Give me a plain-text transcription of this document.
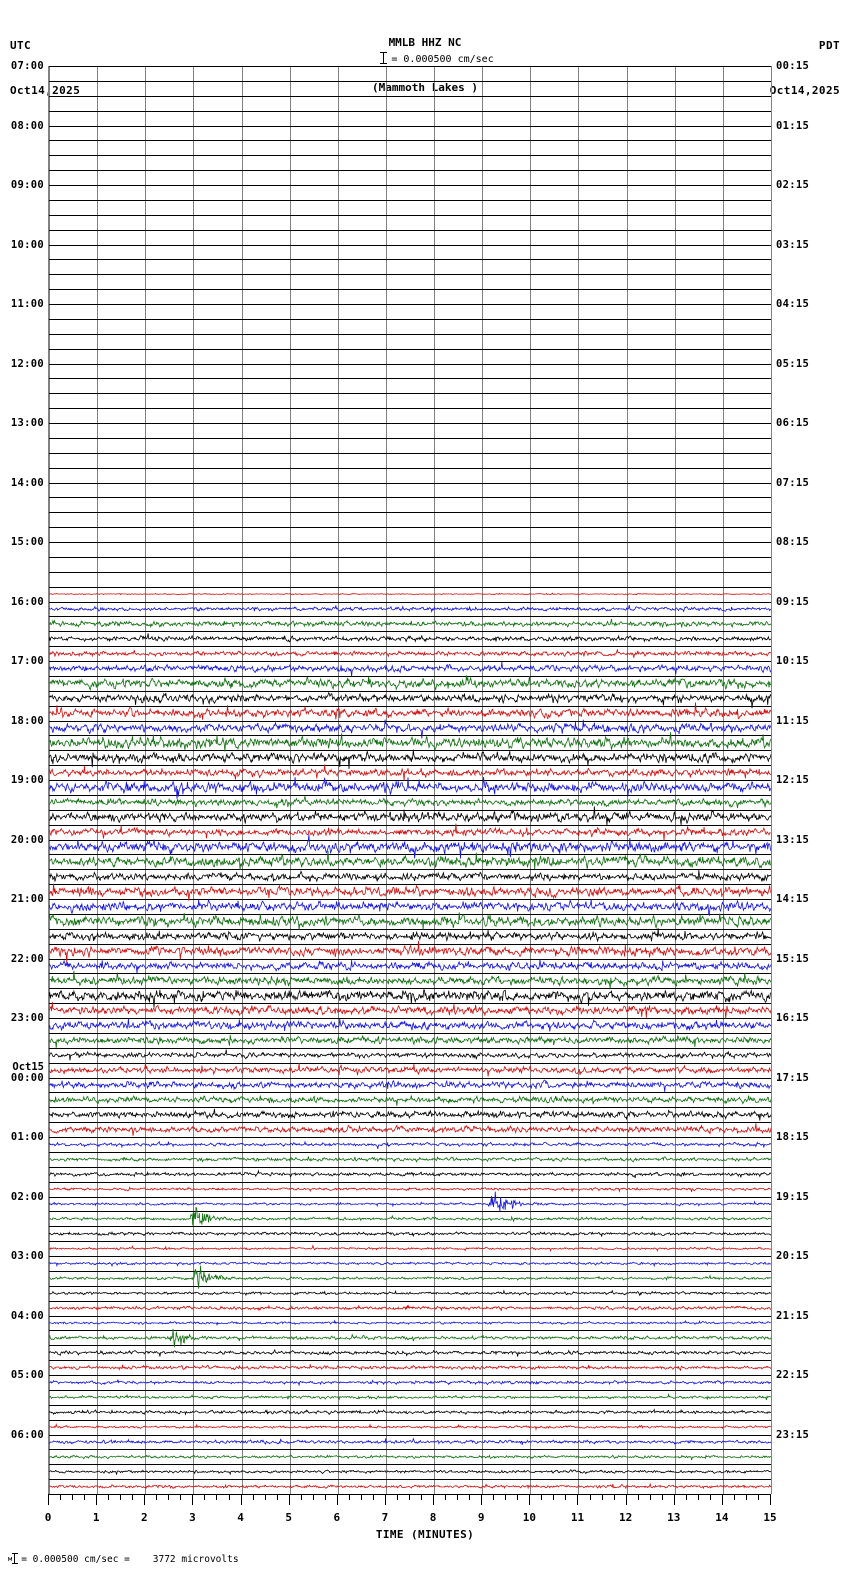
UTC

Oct14,2025

MMLB HHZ NC

(Mammoth Lakes )

PDT

Oct14,2025

= 0.000500 cm/sec

07:00
08:00
09:00
10:00
11:00
12:00
13:00
14:00
15:00
16:00
17:00
18:00
19:00
20:00
21:00
22:00
23:00
00:00
01:00
02:00
03:00
04:00
05:00
06:00
Oct15
00:15
01:15
02:15
03:15
04:15
05:15
06:15
07:15
08:15
09:15
10:15
11:15
12:15
13:15
14:15
15:15
16:15
17:15
18:15
19:15
20:15
21:15
22:15
23:15
0	1	2	3	4	5	6	7	8	9	10	11	12	13	14	15
TIME (MINUTES)
м = 0.000500 cm/sec =    3772 microvolts
